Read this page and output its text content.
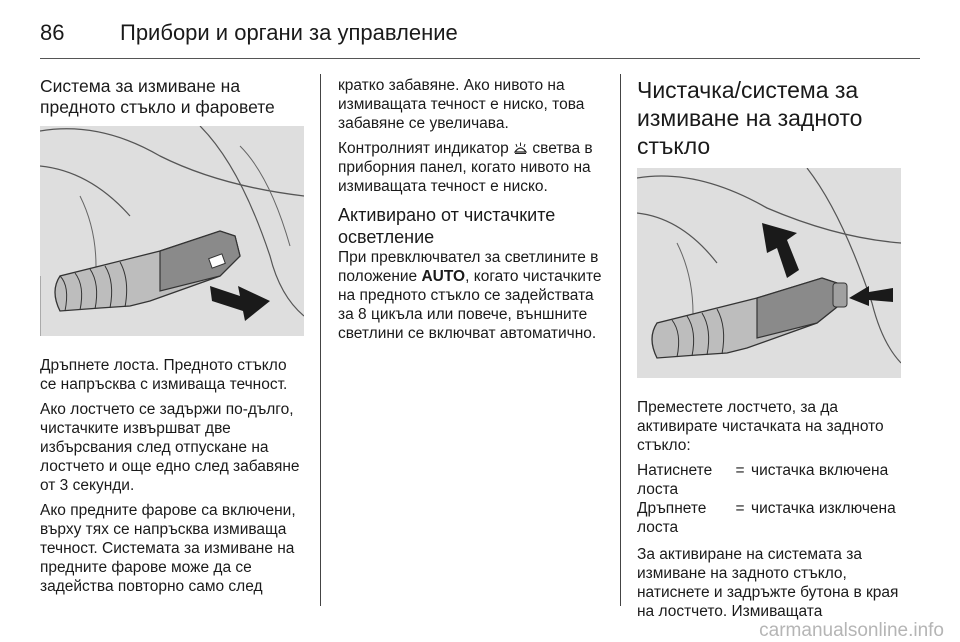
86	Прибори и органи за управление
Система за измиване на предното стъкло и фаровете

Дръпнете лоста. Предното стъкло се напръсква с измиваща течност.

Ако лостчето се задържи по-дълго, чистачките извършват две избърсвания след отпускане на лостчето и още едно след забавяне от 3 секунди.

Ако предните фарове са включени, върху тях се напръсква измиваща течност. Системата за измиване на предните фарове може да се задейства повторно само след

кратко забавяне. Ако нивото на измиващата течност е ниско, това забавяне се увеличава.

Контролният индикатор  светва в приборния панел, когато нивото на измиващата течност е ниско.

Активирано от чистачките осветление

При превключвател за светлините в положение AUTO, когато чистачките на предното стъкло се задействата за 8 цикъла или повече, външните светлини се включват автоматично.

Чистачка/система за измиване на задното стъкло

Преместете лостчето, за да активирате чистачката на задното стъкло:

Натиснете лоста	=	чистачка включена
Дръпнете лоста	=	чистачка изключена

За активиране на системата за измиване на задното стъкло, натиснете и задръжте бутона в края на лостчето. Измиващата

carmanualsonline.info
